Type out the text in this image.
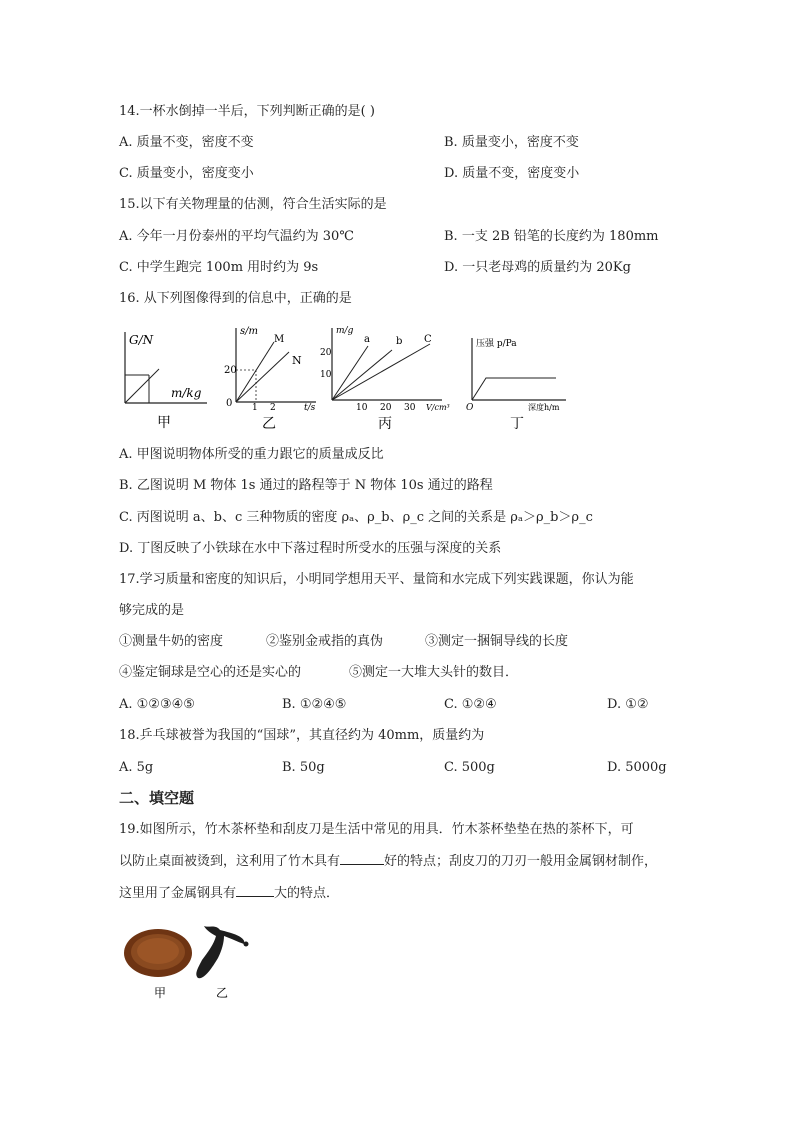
14.一杯水倒掉一半后，下列判断正确的是( )
A. 质量不变，密度不变	B. 质量变小，密度不变
C. 质量变小，密度变小	D. 质量不变，密度变小
15.以下有关物理量的估测，符合生活实际的是
A. 今年一月份泰州的平均气温约为 30℃	B. 一支 2B 铅笔的长度约为 180mm
C. 中学生跑完 100m 用时约为 9s	D. 一只老母鸡的质量约为 20Kg
16. 从下列图像得到的信息中，正确的是
G/N
m/kg
甲
s/m
M
N
20
0 1 2	t/s
乙
m/g
a	b C
20
10
10 20 30 V/cm³
丙
压强 p/Pa
O	深度h/m
丁
A. 甲图说明物体所受的重力跟它的质量成反比
B. 乙图说明 M 物体 1s 通过的路程等于 N 物体 10s 通过的路程
C. 丙图说明 a、b、c 三种物质的密度 ρₐ、ρ_b、ρ_c 之间的关系是 ρₐ＞ρ_b＞ρ_c
D. 丁图反映了小铁球在水中下落过程时所受水的压强与深度的关系
17.学习质量和密度的知识后，小明同学想用天平、量筒和水完成下列实践课题，你认为能
够完成的是
①测量牛奶的密度	②鉴别金戒指的真伪	③测定一捆铜导线的长度
④鉴定铜球是空心的还是实心的	⑤测定一大堆大头针的数目．
A. ①②③④⑤	B. ①②④⑤	C. ①②④	D. ①②
18.乒乓球被誉为我国的“国球”，其直径约为 40mm，质量约为
A. 5g	B. 50g	C. 500g	D. 5000g
二、填空题
19.如图所示，竹木茶杯垫和刮皮刀是生活中常见的用具．竹木茶杯垫垫在热的茶杯下，可
以防止桌面被烫到，这利用了竹木具有	好的特点；刮皮刀的刀刃一般用金属钢材制作，
这里用了金属钢具有	大的特点．
甲	乙
